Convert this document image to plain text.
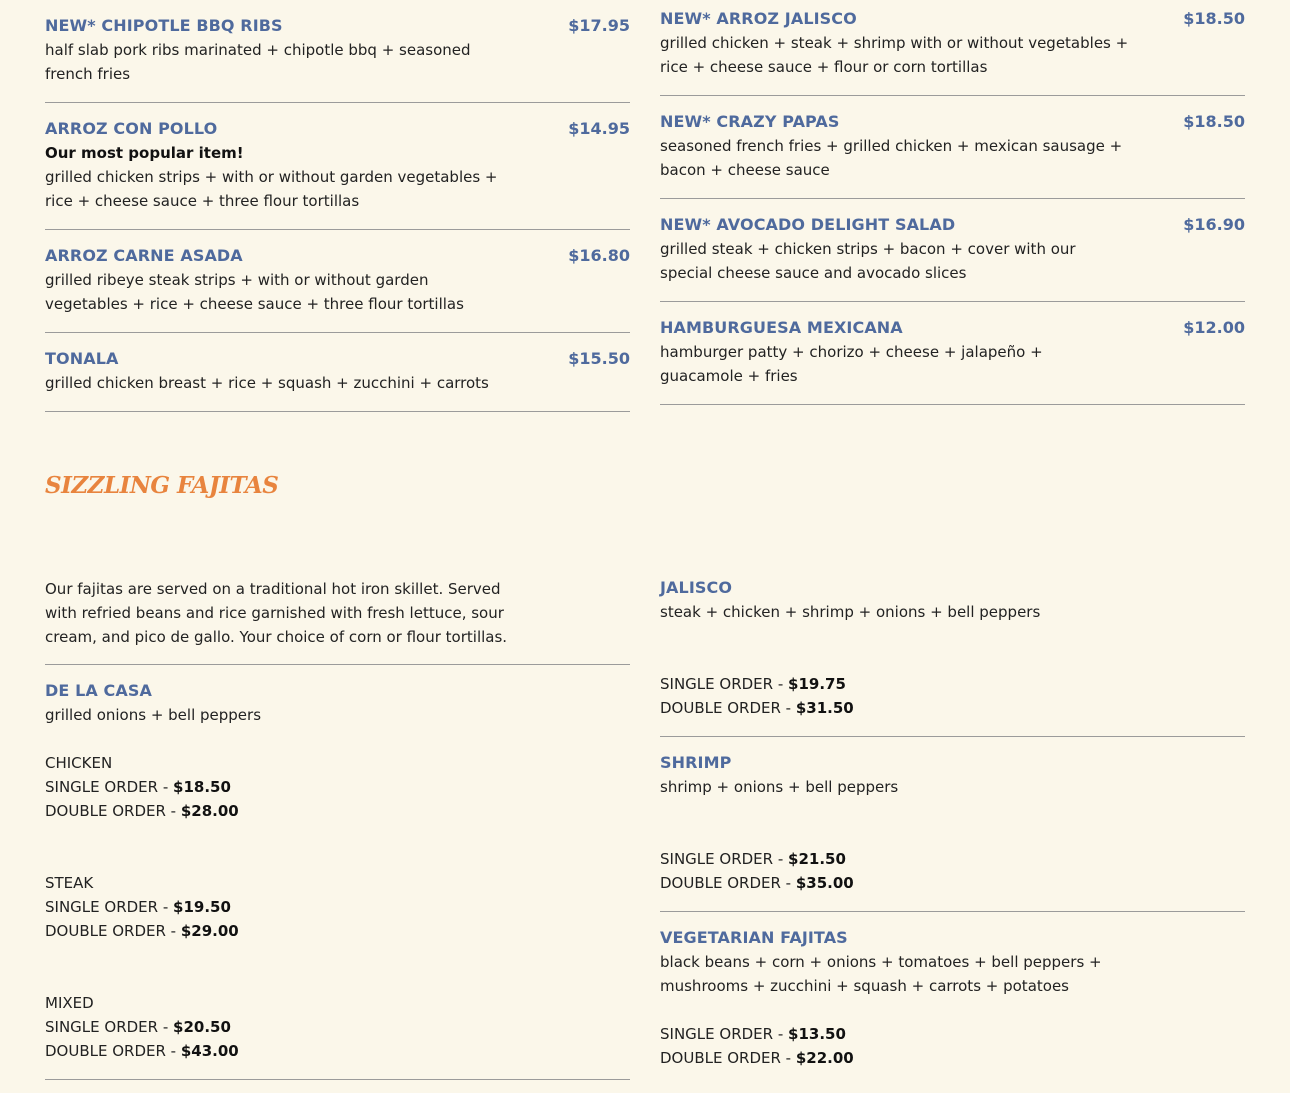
NEW* CHIPOTLE BBQ RIBS	$17.95
half slab pork ribs marinated + chipotle bbq + seasoned french fries
ARROZ CON POLLO	$14.95
Our most popular item!
grilled chicken strips + with or without garden vegetables + rice + cheese sauce + three flour tortillas
ARROZ CARNE ASADA	$16.80
grilled ribeye steak strips + with or without garden vegetables + rice + cheese sauce + three flour tortillas
TONALA	$15.50
grilled chicken breast + rice + squash + zucchini + carrots
Our fajitas are served on a traditional hot iron skillet. Served with refried beans and rice garnished with fresh lettuce, sour cream, and pico de gallo. Your choice of corn or flour tortillas.
DE LA CASA
grilled onions + bell peppers
CHICKEN
SINGLE ORDER - $18.50
DOUBLE ORDER - $28.00
STEAK
SINGLE ORDER - $19.50
DOUBLE ORDER - $29.00
MIXED
SINGLE ORDER - $20.50
DOUBLE ORDER - $43.00
NEW* ARROZ JALISCO	$18.50
grilled chicken + steak + shrimp with or without vegetables + rice + cheese sauce + flour or corn tortillas
NEW* CRAZY PAPAS	$18.50
seasoned french fries + grilled chicken + mexican sausage + bacon + cheese sauce
NEW* AVOCADO DELIGHT SALAD	$16.90
grilled steak + chicken strips + bacon + cover with our special cheese sauce and avocado slices
HAMBURGUESA MEXICANA	$12.00
hamburger patty + chorizo + cheese + jalapeño + guacamole + fries
JALISCO
steak + chicken + shrimp + onions + bell peppers
SINGLE ORDER - $19.75
DOUBLE ORDER - $31.50
SHRIMP
shrimp + onions + bell peppers
SINGLE ORDER - $21.50
DOUBLE ORDER - $35.00
VEGETARIAN FAJITAS
black beans + corn + onions + tomatoes + bell peppers + mushrooms + zucchini + squash + carrots + potatoes
SINGLE ORDER - $13.50
DOUBLE ORDER - $22.00
SIZZLING FAJITAS
